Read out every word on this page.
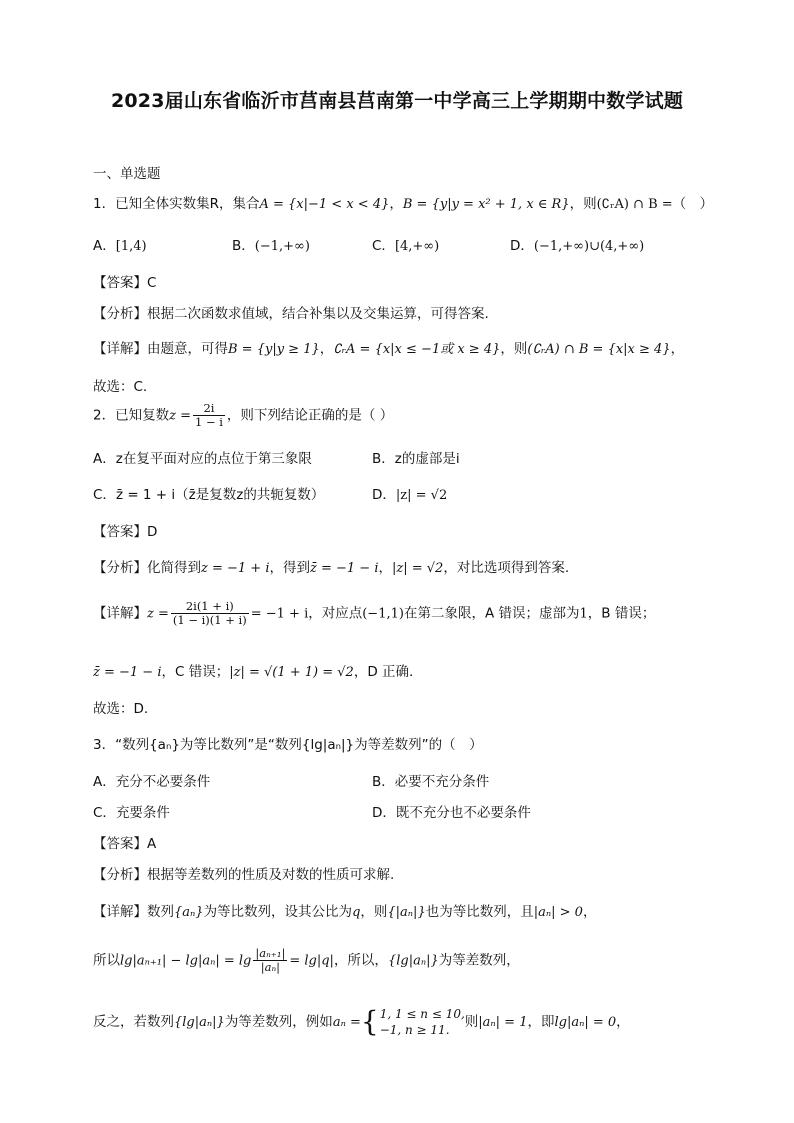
2023届山东省临沂市莒南县莒南第一中学高三上学期期中数学试题
一、单选题
1．已知全体实数集R，集合A = {x|−1 < x < 4}，B = {y|y = x² + 1, x ∈ R}，则(∁ᵣA) ∩ B =（　）
A．[1,4)	B．(−1,+∞)	C．[4,+∞)	D．(−1,+∞)∪(4,+∞)
【答案】C
【分析】根据二次函数求值域，结合补集以及交集运算，可得答案.
【详解】由题意，可得B = {y|y ≥ 1}，∁ᵣA = {x|x ≤ −1或 x ≥ 4}，则(∁ᵣA) ∩ B = {x|x ≥ 4}，
故选：C.
2．已知复数$z = \frac{2i}{1 - i}$ ，则下列结论正确的是（ ）
A．z在复平面对应的点位于第三象限	B．z的虚部是i
C．z̄ = 1 + i（z̄是复数z的共轭复数）	D．|z| = √2
【答案】D
【分析】化简得到z = −1 + i，得到z̄ = −1 − i，|z| = √2，对比选项得到答案.
【详解】$z = \frac{2i(1 + i)}{(1 - i)(1 + i)} = -1 + i$，对应点(−1,1)在第二象限，A 错误；虚部为1，B 错误；
z̄ = −1 − i，C 错误；|z| = √(1 + 1) = √2，D 正确.
故选：D.
3．“数列{aₙ}为等比数列”是“数列{lg|aₙ|}为等差数列”的（　）
A．充分不必要条件	B．必要不充分条件
C．充要条件	D．既不充分也不必要条件
【答案】A
【分析】根据等差数列的性质及对数的性质可求解.
【详解】数列{aₙ}为等比数列，设其公比为q，则{|aₙ|}也为等比数列，且|aₙ| > 0，
所以$\lg|a_{n+1}| - \lg|a_n| = \lg \frac{\text{|aₙ₊₁|}}{\text{|aₙ|}} = \lg|q|$，所以，{lg|aₙ|}为等差数列，
反之，若数列{lg|aₙ|}为等差数列，例如aₙ ={ 1, 1 ≤ n ≤ 10,
−1, n ≥ 11.	则|aₙ| = 1，即lg|aₙ| = 0，
